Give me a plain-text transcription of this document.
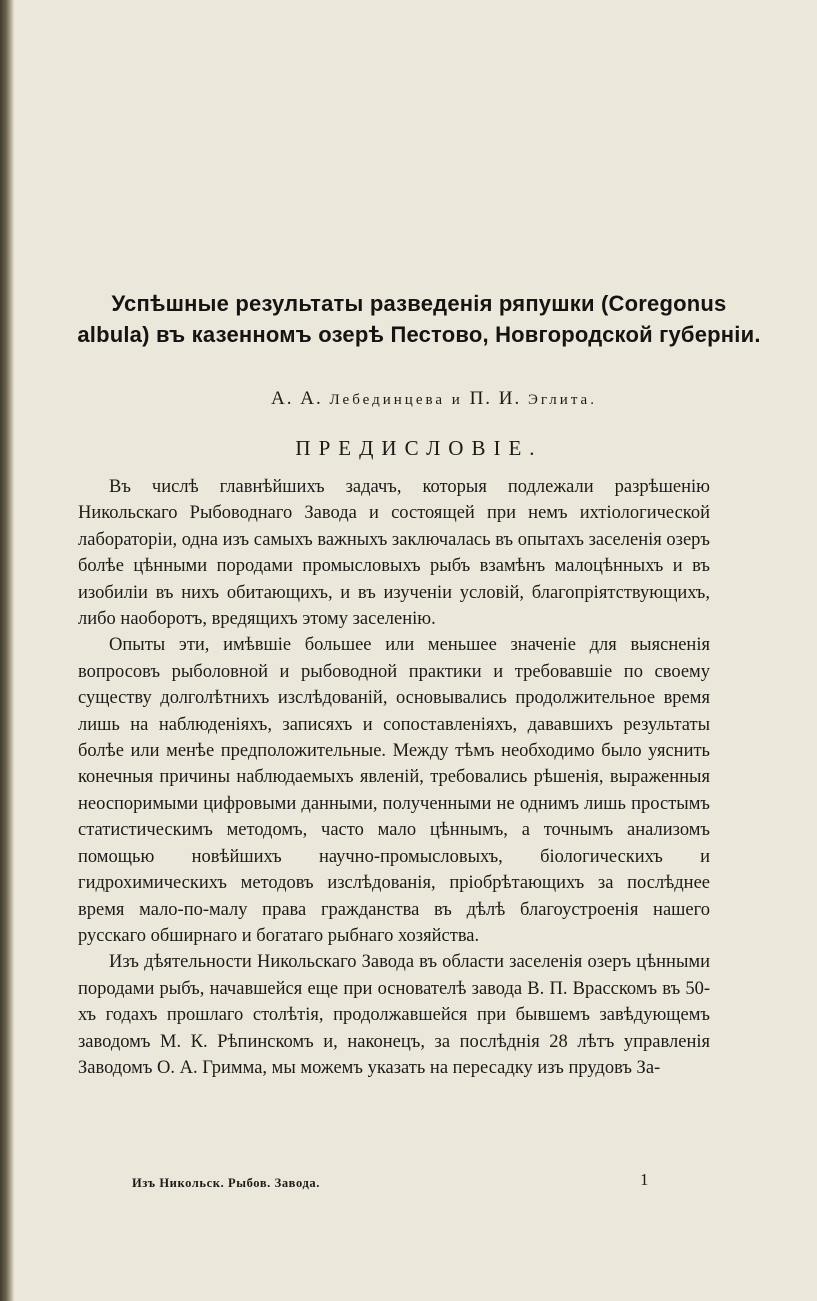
Успѣшные результаты разведенія ряпушки (Coregonus albula) въ казенномъ озерѣ Пестово, Новгородской губерніи.
А. А. Лебединцева и П. И. Эглита.
ПРЕДИСЛОВІЕ.

Въ числѣ главнѣйшихъ задачъ, которыя подлежали разрѣшенію Никольскаго Рыбоводнаго Завода и состоящей при немъ ихтіологической лабораторіи, одна изъ самыхъ важныхъ заключалась въ опытахъ заселенія озеръ болѣе цѣнными породами промысловыхъ рыбъ взамѣнъ малоцѣнныхъ и въ изобиліи въ нихъ обитающихъ, и въ изученіи условій, благопріятствующихъ, либо наоборотъ, вредящихъ этому заселенію.

Опыты эти, имѣвшіе большее или меньшее значеніе для выясненія вопросовъ рыболовной и рыбоводной практики и требовавшіе по своему существу долголѣтнихъ изслѣдованій, основывались продолжительное время лишь на наблюденіяхъ, записяхъ и сопоставленіяхъ, дававшихъ результаты болѣе или менѣе предположительные. Между тѣмъ необходимо было уяснить конечныя причины наблюдаемыхъ явленій, требовались рѣшенія, выраженныя неоспоримыми цифровыми данными, полученными не однимъ лишь простымъ статистическимъ методомъ, часто мало цѣннымъ, а точнымъ анализомъ помощью новѣйшихъ научно-промысловыхъ, біологическихъ и гидрохимическихъ методовъ изслѣдованія, пріобрѣтающихъ за послѣднее время мало-по-малу права гражданства въ дѣлѣ благоустроенія нашего русскаго обширнаго и богатаго рыбнаго хозяйства.

Изъ дѣятельности Никольскаго Завода въ области заселенія озеръ цѣнными породами рыбъ, начавшейся еще при основателѣ завода В. П. Врасскомъ въ 50-хъ годахъ прошлаго столѣтія, продолжавшейся при бывшемъ завѣдующемъ заводомъ М. К. Рѣпинскомъ и, наконецъ, за послѣднія 28 лѣтъ управленія Заводомъ О. А. Гримма, мы можемъ указать на пересадку изъ прудовъ За-

Изъ Никольск. Рыбов. Завода.	1
